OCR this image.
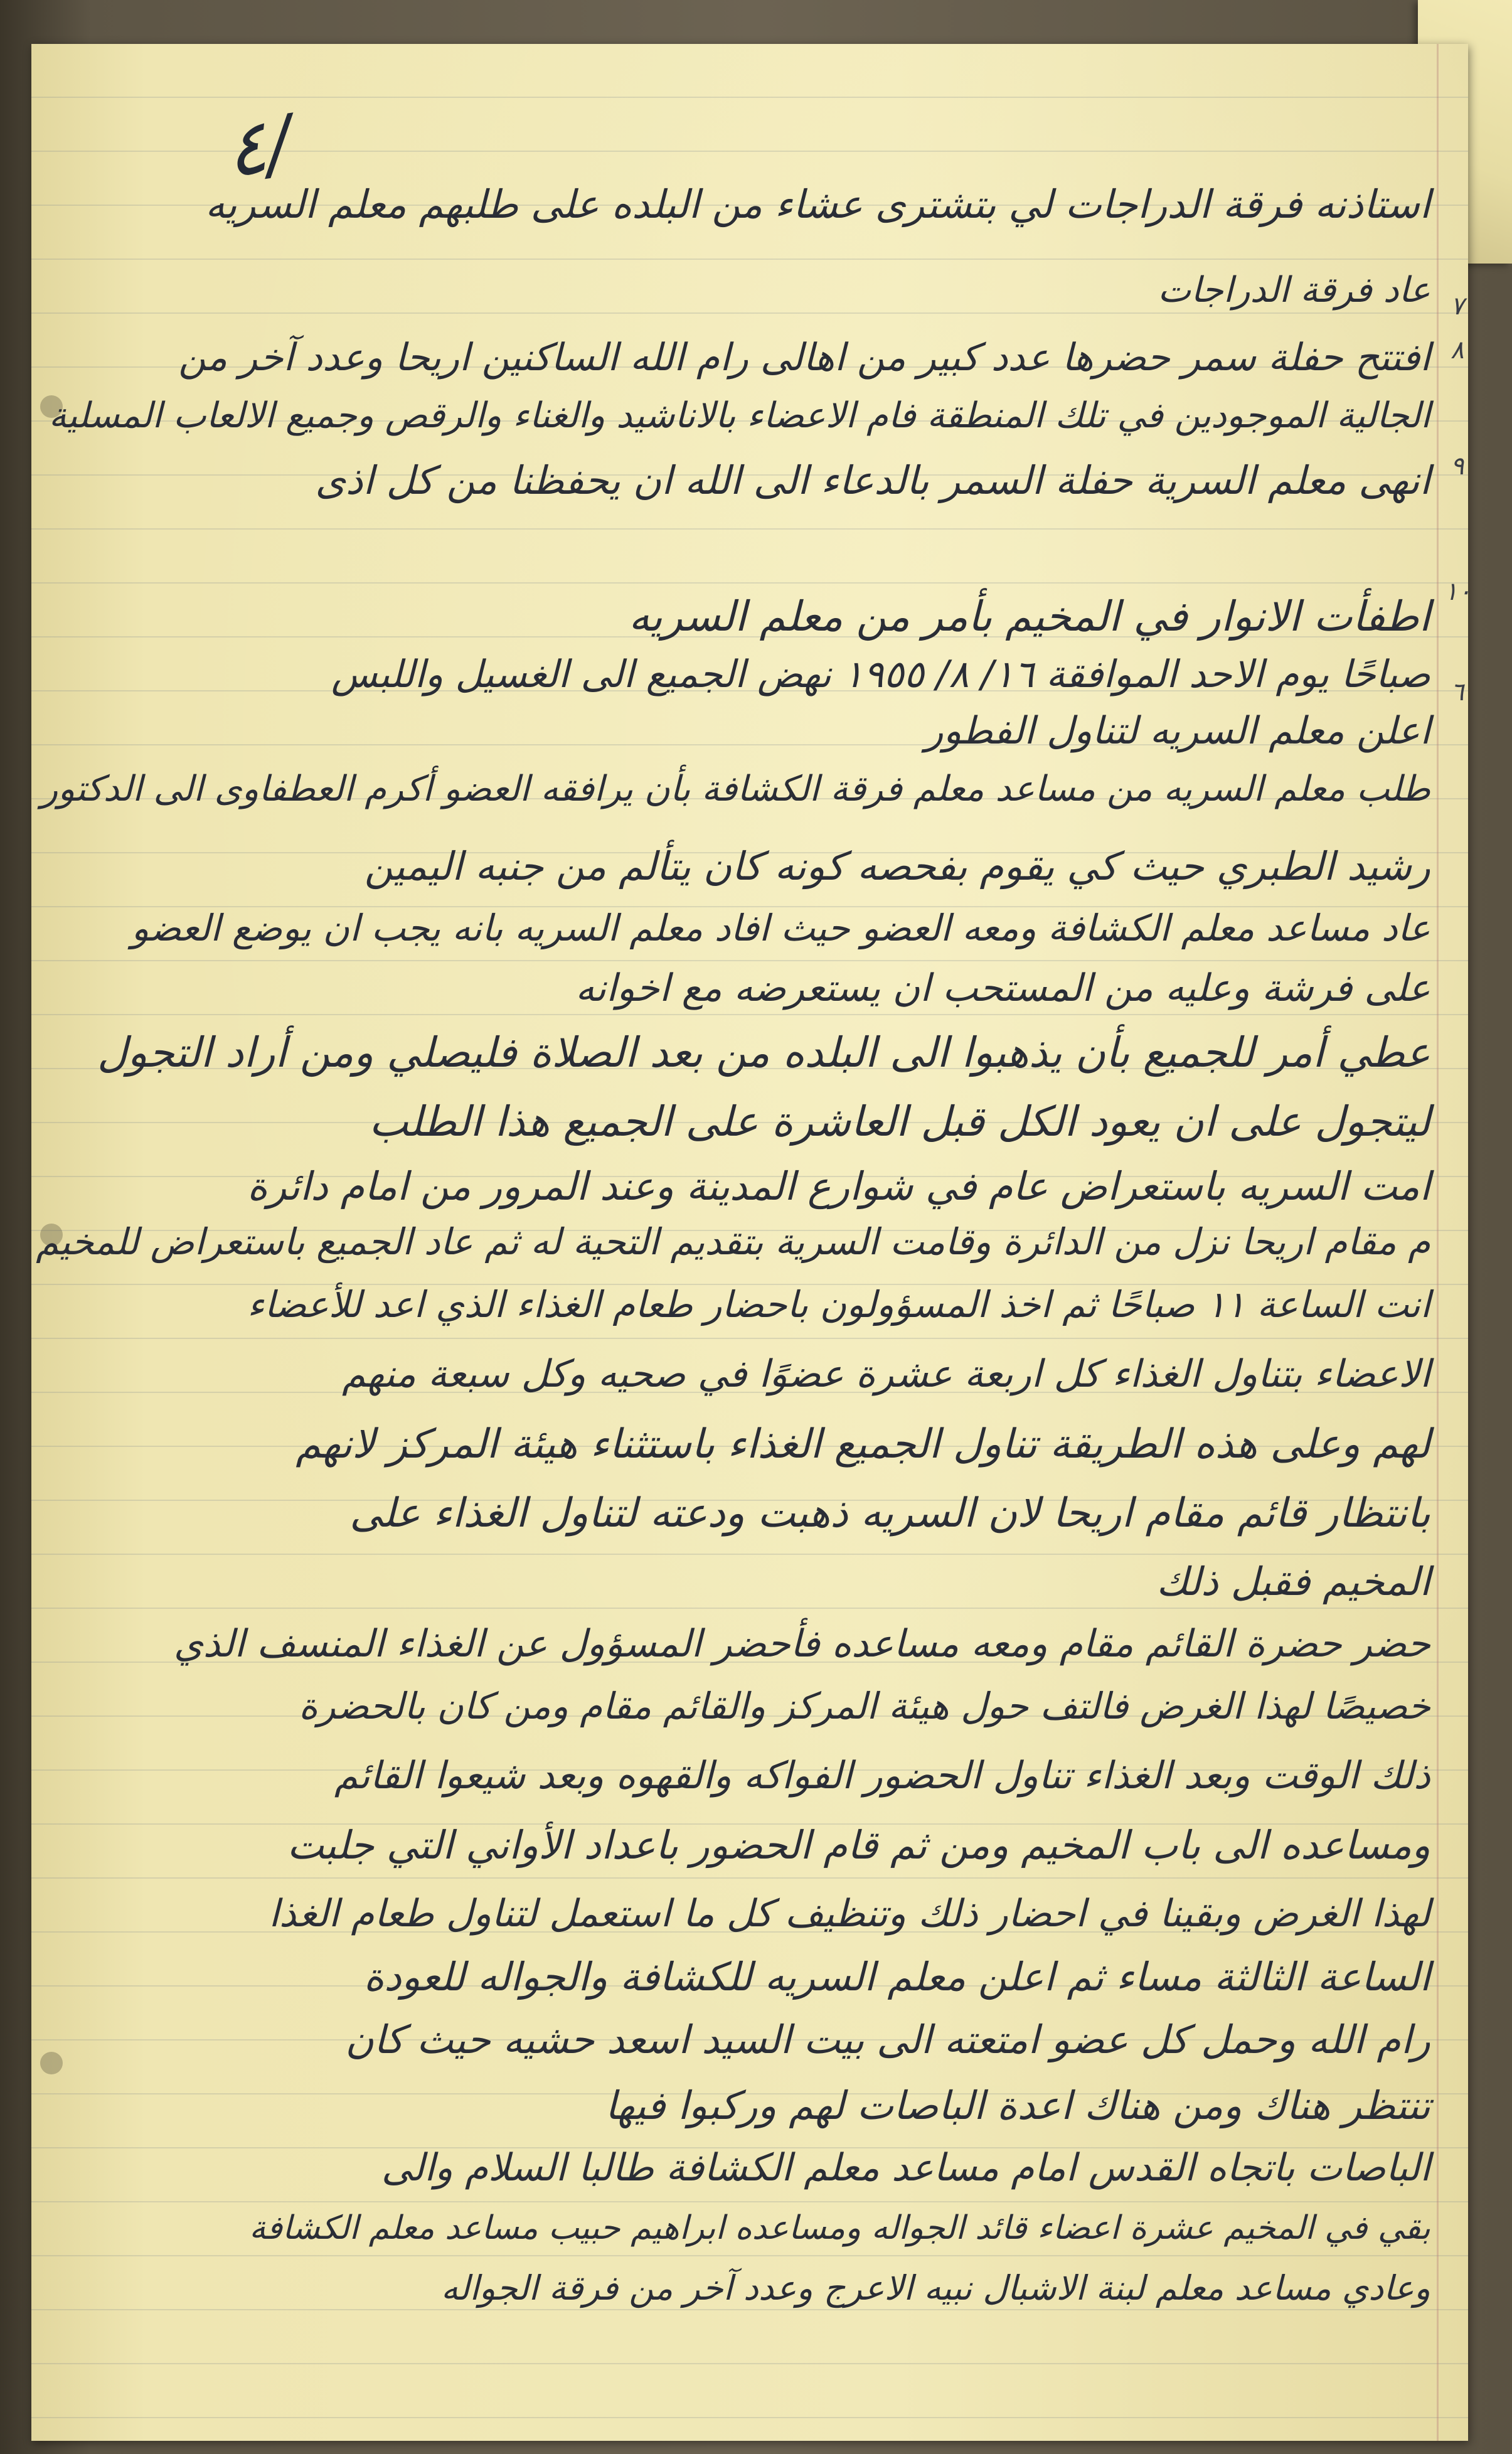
٤/
٧
٨
٩
١٠
٦
استاذنه فرقة الدراجات لي بتشترى عشاء من البلده على طلبهم معلم السريه
عاد فرقة الدراجات
افتتح حفلة سمر حضرها عدد كبير من اهالى رام الله الساكنين اريحا وعدد آخر من
الجالية الموجودين في تلك المنطقة فام الاعضاء بالاناشيد والغناء والرقص وجميع الالعاب المسلية
انهى معلم السرية حفلة السمر بالدعاء الى الله ان يحفظنا من كل اذى
اطفأت الانوار في المخيم بأمر من معلم السريه
صباحًا يوم الاحد الموافقة ١٦/ ٨/ ١٩٥٥ نهض الجميع الى الغسيل واللبس
اعلن معلم السريه لتناول الفطور
طلب معلم السريه من مساعد معلم فرقة الكشافة بأن يرافقه العضو أكرم العطفاوى الى الدكتور
رشيد الطبري حيث كي يقوم بفحصه كونه كان يتألم من جنبه اليمين
عاد مساعد معلم الكشافة ومعه العضو حيث افاد معلم السريه بانه يجب ان يوضع العضو
على فرشة وعليه من المستحب ان يستعرضه مع اخوانه
عطي أمر للجميع بأن يذهبوا الى البلده من بعد الصلاة فليصلي ومن أراد التجول
ليتجول على ان يعود الكل قبل العاشرة على الجميع هذا الطلب
امت السريه باستعراض عام في شوارع المدينة وعند المرور من امام دائرة
م مقام اريحا نزل من الدائرة وقامت السرية بتقديم التحية له ثم عاد الجميع باستعراض للمخيم
انت الساعة ١١ صباحًا ثم اخذ المسؤولون باحضار طعام الغذاء الذي اعد للأعضاء
الاعضاء بتناول الغذاء كل اربعة عشرة عضوًا في صحيه وكل سبعة منهم
لهم وعلى هذه الطريقة تناول الجميع الغذاء باستثناء هيئة المركز لانهم
بانتظار قائم مقام اريحا لان السريه ذهبت ودعته لتناول الغذاء على
المخيم فقبل ذلك
حضر حضرة القائم مقام ومعه مساعده فأحضر المسؤول عن الغذاء المنسف الذي
خصيصًا لهذا الغرض فالتف حول هيئة المركز والقائم مقام ومن كان بالحضرة
ذلك الوقت وبعد الغذاء تناول الحضور الفواكه والقهوه وبعد شيعوا القائم
ومساعده الى باب المخيم ومن ثم قام الحضور باعداد الأواني التي جلبت
لهذا الغرض وبقينا في احضار ذلك وتنظيف كل ما استعمل لتناول طعام الغذا
الساعة الثالثة مساء ثم اعلن معلم السريه للكشافة والجواله للعودة
رام الله وحمل كل عضو امتعته الى بيت السيد اسعد حشيه حيث كان
تنتظر هناك ومن هناك اعدة الباصات لهم وركبوا فيها
الباصات باتجاه القدس امام مساعد معلم الكشافة طالبا السلام والى
بقي في المخيم عشرة اعضاء قائد الجواله ومساعده ابراهيم حبيب مساعد معلم الكشافة
وعادي مساعد معلم لبنة الاشبال نبيه الاعرج وعدد آخر من فرقة الجواله
